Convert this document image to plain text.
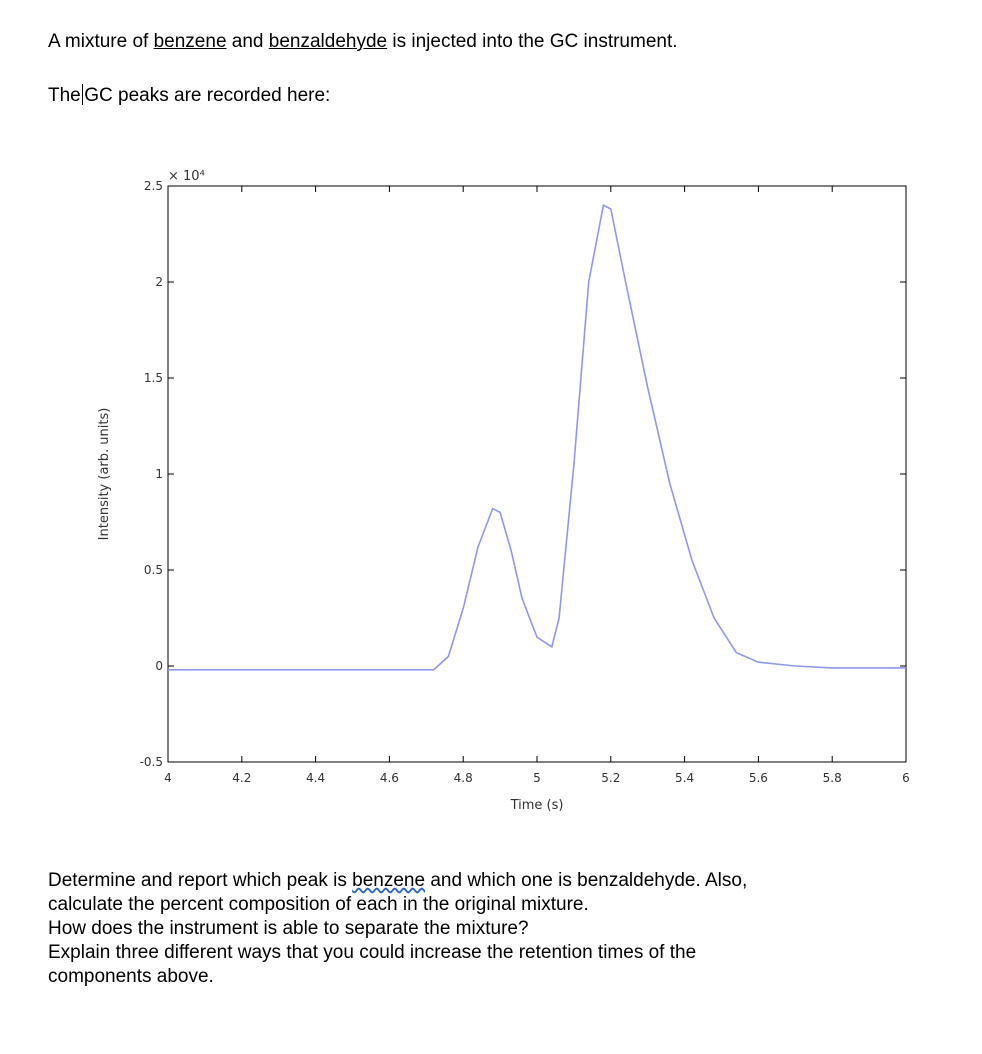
A mixture of benzene and benzaldehyde is injected into the GC instrument.
The GC peaks are recorded here:
4	4.2	4.4	4.6	4.8	5	5.2	5.4	5.6	5.8	6
-0.5
0
0.5
1
1.5
2
2.5
Time (s)
Intensity (arb. units)
× 10⁴
Determine and report which peak is benzene and which one is benzaldehyde. Also,
calculate the percent composition of each in the original mixture.
How does the instrument is able to separate the mixture?
Explain three different ways that you could increase the retention times of the
components above.
